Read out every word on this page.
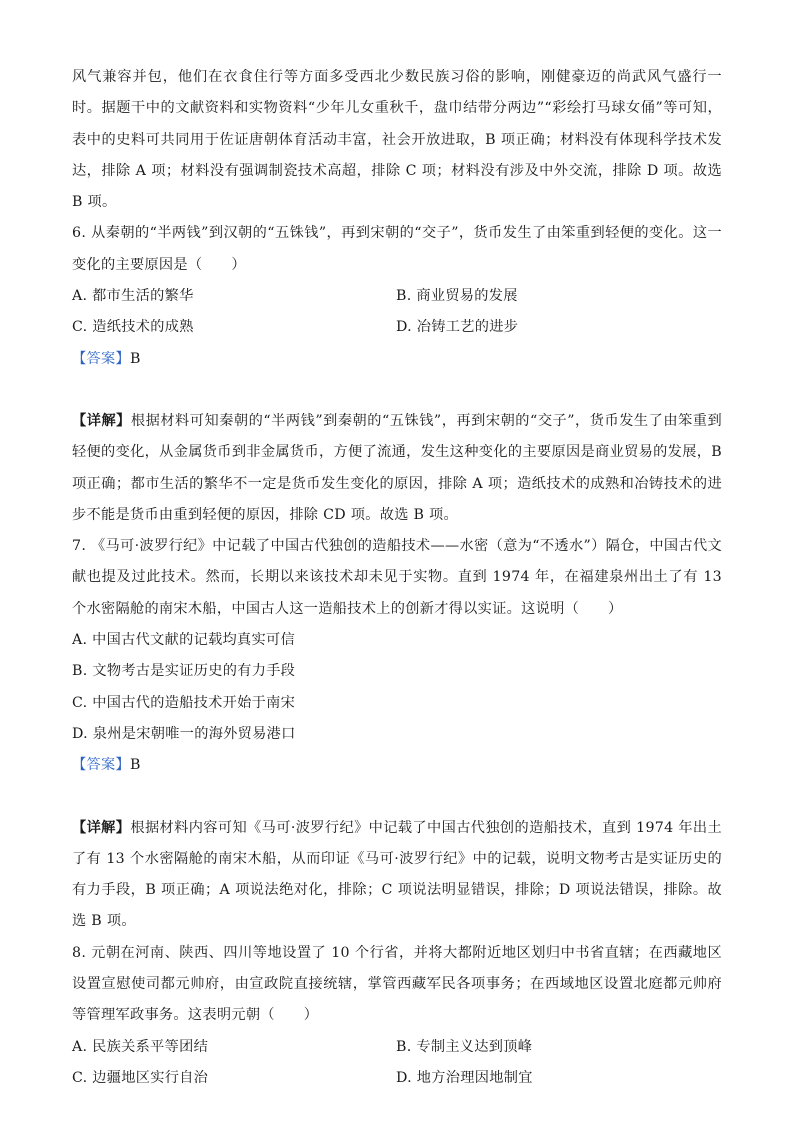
风气兼容并包，他们在衣食住行等方面多受西北少数民族习俗的影响，刚健豪迈的尚武风气盛行一时。据题干中的文献资料和实物资料“少年儿女重秋千，盘巾结带分两边”“彩绘打马球女俑”等可知，表中的史料可共同用于佐证唐朝体育活动丰富，社会开放进取，B 项正确；材料没有体现科学技术发达，排除 A 项；材料没有强调制瓷技术高超，排除 C 项；材料没有涉及中外交流，排除 D 项。故选 B 项。

6. 从秦朝的“半两钱”到汉朝的“五铢钱”，再到宋朝的“交子”，货币发生了由笨重到轻便的变化。这一变化的主要原因是（　　）

A. 都市生活的繁华	B. 商业贸易的发展
C. 造纸技术的成熟	D. 冶铸工艺的进步

【答案】B

【详解】根据材料可知秦朝的“半两钱”到秦朝的“五铢钱”，再到宋朝的“交子”，货币发生了由笨重到轻便的变化，从金属货币到非金属货币，方便了流通，发生这种变化的主要原因是商业贸易的发展，B 项正确；都市生活的繁华不一定是货币发生变化的原因，排除 A 项；造纸技术的成熟和冶铸技术的进步不能是货币由重到轻便的原因，排除 CD 项。故选 B 项。

7. 《马可·波罗行纪》中记载了中国古代独创的造船技术——水密（意为“不透水”）隔仓，中国古代文献也提及过此技术。然而，长期以来该技术却未见于实物。直到 1974 年，在福建泉州出土了有 13 个水密隔舱的南宋木船，中国古人这一造船技术上的创新才得以实证。这说明（　　）

A. 中国古代文献的记载均真实可信
B. 文物考古是实证历史的有力手段
C. 中国古代的造船技术开始于南宋
D. 泉州是宋朝唯一的海外贸易港口

【答案】B

【详解】根据材料内容可知《马可·波罗行纪》中记载了中国古代独创的造船技术，直到 1974 年出土了有 13 个水密隔舱的南宋木船，从而印证《马可·波罗行纪》中的记载，说明文物考古是实证历史的有力手段，B 项正确；A 项说法绝对化，排除；C 项说法明显错误，排除；D 项说法错误，排除。故选 B 项。

8. 元朝在河南、陕西、四川等地设置了 10 个行省，并将大都附近地区划归中书省直辖；在西藏地区设置宣慰使司都元帅府，由宣政院直接统辖，掌管西藏军民各项事务；在西域地区设置北庭都元帅府等管理军政事务。这表明元朝（　　）

A. 民族关系平等团结	B. 专制主义达到顶峰
C. 边疆地区实行自治	D. 地方治理因地制宜
